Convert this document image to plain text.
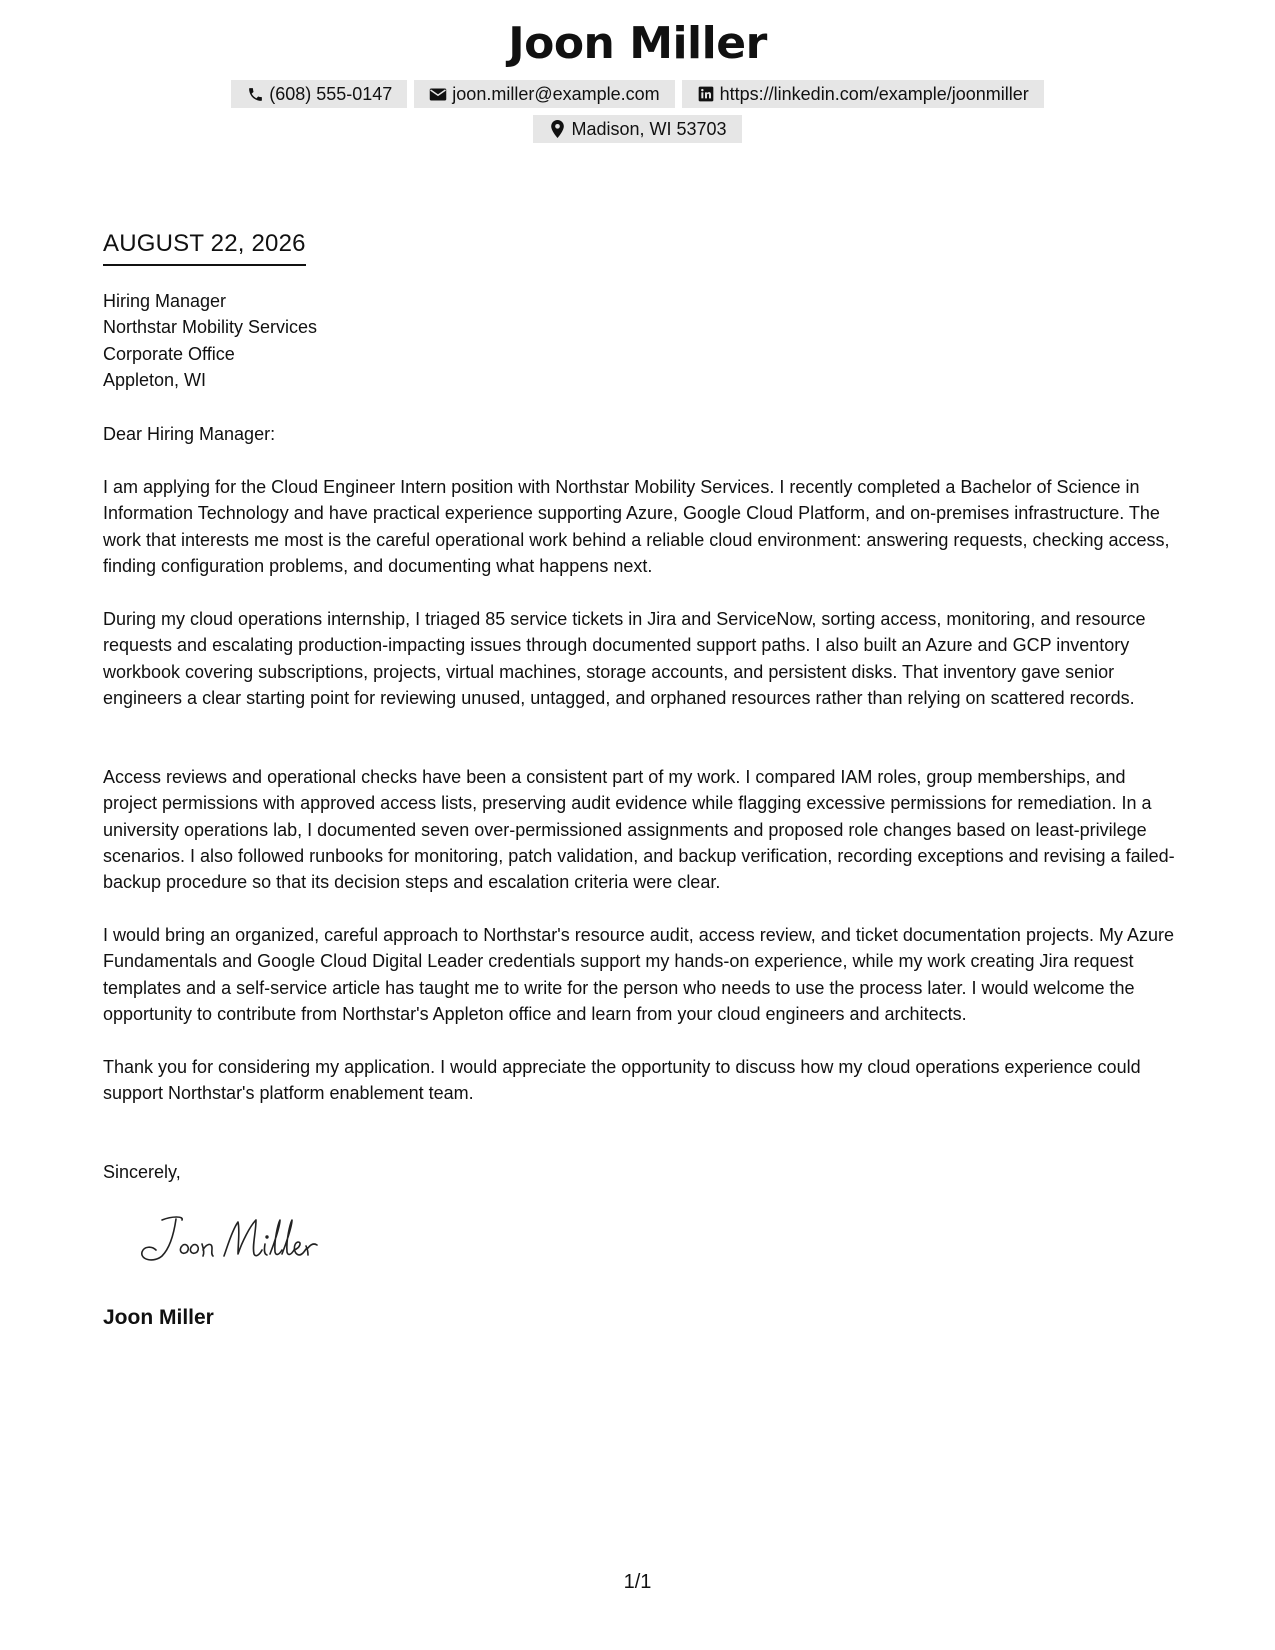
Joon Miller
(608) 555-0147	joon.miller@example.com	https://linkedin.com/example/joonmiller
Madison, WI 53703
AUGUST 22, 2026
Hiring Manager
Northstar Mobility Services
Corporate Office
Appleton, WI
Dear Hiring Manager:

I am applying for the Cloud Engineer Intern position with Northstar Mobility Services. I recently completed a Bachelor of Science in Information Technology and have practical experience supporting Azure, Google Cloud Platform, and on-premises infrastructure. The work that interests me most is the careful operational work behind a reliable cloud environment: answering requests, checking access, finding configuration problems, and documenting what happens next.

During my cloud operations internship, I triaged 85 service tickets in Jira and ServiceNow, sorting access, monitoring, and resource requests and escalating production-impacting issues through documented support paths. I also built an Azure and GCP inventory workbook covering subscriptions, projects, virtual machines, storage accounts, and persistent disks. That inventory gave senior engineers a clear starting point for reviewing unused, untagged, and orphaned resources rather than relying on scattered records.

Access reviews and operational checks have been a consistent part of my work. I compared IAM roles, group memberships, and project permissions with approved access lists, preserving audit evidence while flagging excessive permissions for remediation. In a university operations lab, I documented seven over-permissioned assignments and proposed role changes based on least-privilege scenarios. I also followed runbooks for monitoring, patch validation, and backup verification, recording exceptions and revising a failed-backup procedure so that its decision steps and escalation criteria were clear.

I would bring an organized, careful approach to Northstar's resource audit, access review, and ticket documentation projects. My Azure Fundamentals and Google Cloud Digital Leader credentials support my hands-on experience, while my work creating Jira request templates and a self-service article has taught me to write for the person who needs to use the process later. I would welcome the opportunity to contribute from Northstar's Appleton office and learn from your cloud engineers and architects.

Thank you for considering my application. I would appreciate the opportunity to discuss how my cloud operations experience could support Northstar's platform enablement team.

Sincerely,
Joon Miller
1/1
